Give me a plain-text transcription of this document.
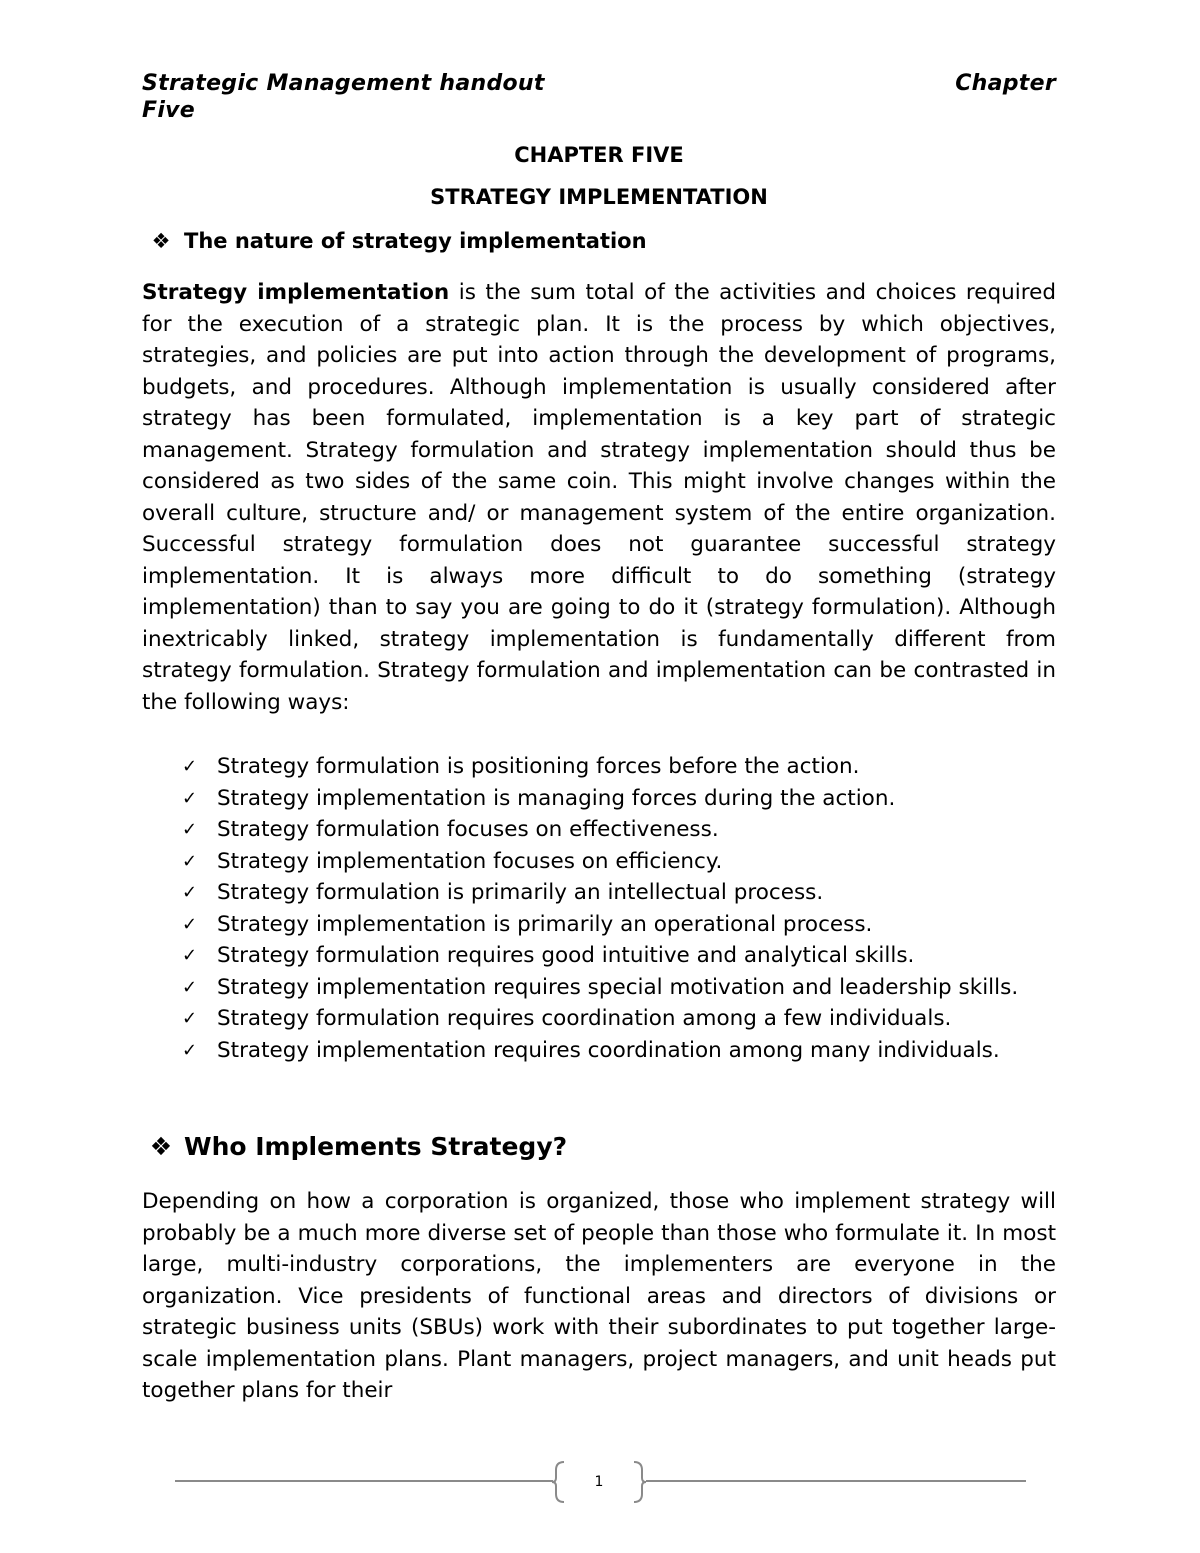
Strategic Management handout	Chapter
Five
CHAPTER FIVE
STRATEGY IMPLEMENTATION
❖ The nature of strategy implementation

Strategy implementation is the sum total of the activities and choices required for the execution of a strategic plan. It is the process by which objectives, strategies, and policies are put into action through the development of programs, budgets, and procedures. Although implementation is usually considered after strategy has been formulated, implementation is a key part of strategic management. Strategy formulation and strategy implementation should thus be considered as two sides of the same coin. This might involve changes within the overall culture, structure and/ or management system of the entire organization. Successful strategy formulation does not guarantee successful strategy implementation. It is always more difficult to do something (strategy implementation) than to say you are going to do it (strategy formulation). Although inextricably linked, strategy implementation is fundamentally different from strategy formulation. Strategy formulation and implementation can be contrasted in the following ways:

✓ Strategy formulation is positioning forces before the action.
✓ Strategy implementation is managing forces during the action.
✓ Strategy formulation focuses on effectiveness.
✓ Strategy implementation focuses on efficiency.
✓ Strategy formulation is primarily an intellectual process.
✓ Strategy implementation is primarily an operational process.
✓ Strategy formulation requires good intuitive and analytical skills.
✓ Strategy implementation requires special motivation and leadership skills.
✓ Strategy formulation requires coordination among a few individuals.
✓ Strategy implementation requires coordination among many individuals.
❖ Who Implements Strategy?

Depending on how a corporation is organized, those who implement strategy will probably be a much more diverse set of people than those who formulate it. In most large, multi-industry corporations, the implementers are everyone in the organization. Vice presidents of functional areas and directors of divisions or strategic business units (SBUs) work with their subordinates to put together large-scale implementation plans. Plant managers, project managers, and unit heads put together plans for their

1
